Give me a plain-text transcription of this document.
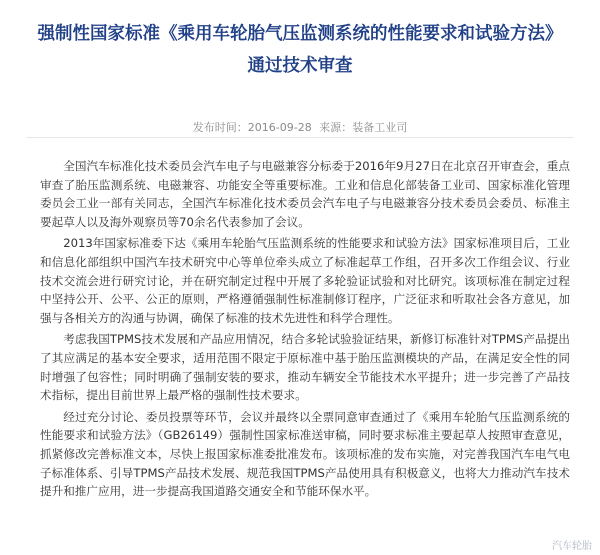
强制性国家标准《乘用车轮胎气压监测系统的性能要求和试验方法》
通过技术审查
发布时间：2016-09-28 来源：装备工业司

全国汽车标准化技术委员会汽车电子与电磁兼容分标委于2016年9月27日在北京召开审查会，重点审查了胎压监测系统、电磁兼容、功能安全等重要标准。工业和信息化部装备工业司、国家标准化管理委员会工业一部有关同志，全国汽车标准化技术委员会汽车电子与电磁兼容分技术委员会委员、标准主要起草人以及海外观察员等70余名代表参加了会议。

2013年国家标准委下达《乘用车轮胎气压监测系统的性能要求和试验方法》国家标准项目后，工业和信息化部组织中国汽车技术研究中心等单位牵头成立了标准起草工作组，召开多次工作组会议、行业技术交流会进行研究讨论，并在研究制定过程中开展了多轮验证试验和对比研究。该项标准在制定过程中坚持公开、公平、公正的原则，严格遵循强制性标准制修订程序，广泛征求和听取社会各方意见，加强与各相关方的沟通与协调，确保了标准的技术先进性和科学合理性。

考虑我国TPMS技术发展和产品应用情况，结合多轮试验验证结果，新修订标准针对TPMS产品提出了其应满足的基本安全要求，适用范围不限定于原标准中基于胎压监测模块的产品，在满足安全性的同时增强了包容性；同时明确了强制安装的要求，推动车辆安全节能技术水平提升；进一步完善了产品技术指标，提出目前世界上最严格的强制性技术要求。

经过充分讨论、委员投票等环节，会议并最终以全票同意审查通过了《乘用车轮胎气压监测系统的性能要求和试验方法》（GB26149）强制性国家标准送审稿，同时要求标准主要起草人按照审查意见，抓紧修改完善标准文本，尽快上报国家标准委批准发布。该项标准的发布实施，对完善我国汽车电气电子标准体系、引导TPMS产品技术发展、规范我国TPMS产品使用具有积极意义，也将大力推动汽车技术提升和推广应用，进一步提高我国道路交通安全和节能环保水平。

汽车轮胎
